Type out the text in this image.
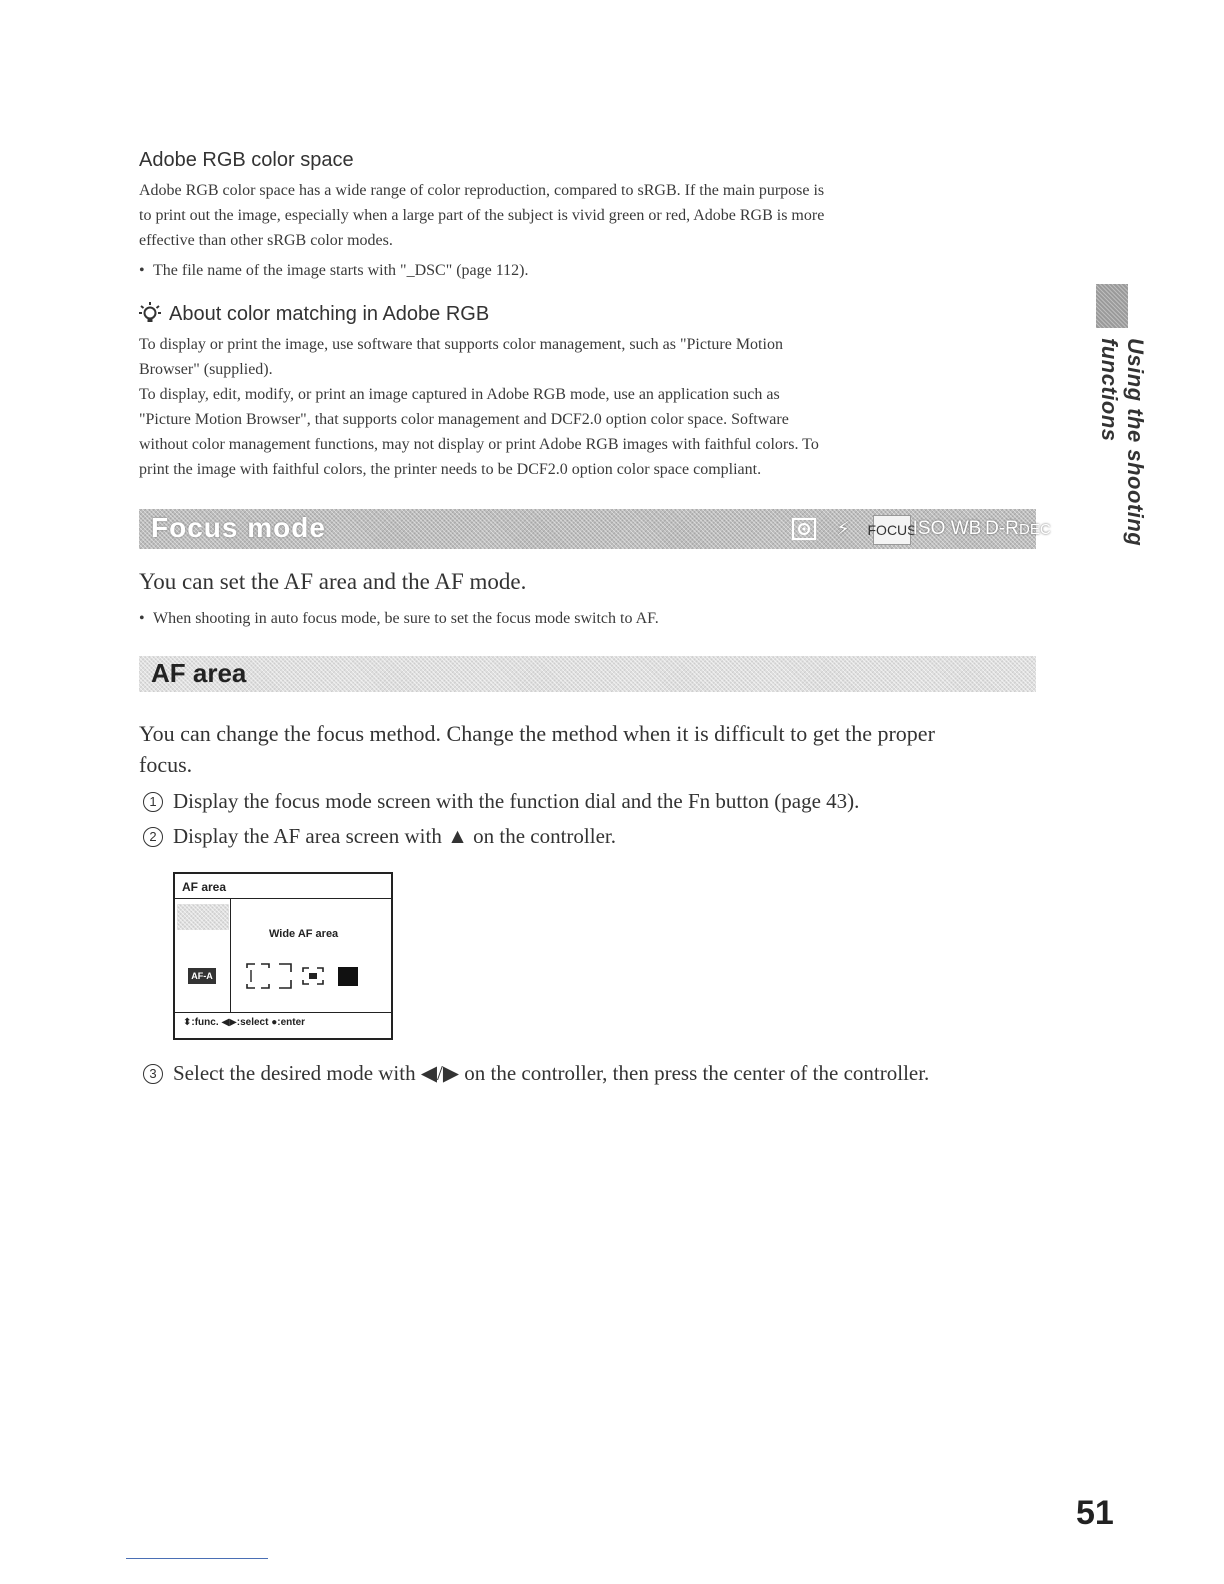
Adobe RGB color space
Adobe RGB color space has a wide range of color reproduction, compared to sRGB. If the main purpose is
to print out the image, especially when a large part of the subject is vivid green or red, Adobe RGB is more
effective than other sRGB color modes.
• The file name of the image starts with "_DSC" (page 112).
About color matching in Adobe RGB
To display or print the image, use software that supports color management, such as "Picture Motion
Browser" (supplied).
To display, edit, modify, or print an image captured in Adobe RGB mode, use an application such as
"Picture Motion Browser", that supports color management and DCF2.0 option color space. Software
without color management functions, may not display or print Adobe RGB images with faithful colors. To
print the image with faithful colors, the printer needs to be DCF2.0 option color space compliant.
Focus mode	⚡	FOCUS
ISO WB D-R DEC
You can set the AF area and the AF mode.
• When shooting in auto focus mode, be sure to set the focus mode switch to AF.
AF area
You can change the focus method. Change the method when it is difficult to get the proper
focus.
1 Display the focus mode screen with the function dial and the Fn button (page 43).
2 Display the AF area screen with ▲ on the controller.
AF area
AF-A
Wide AF area
⬍:func. ◀▶:select ●:enter
3 Select the desired mode with ◀/▶ on the controller, then press the center of the controller.
Using the shooting functions
51
